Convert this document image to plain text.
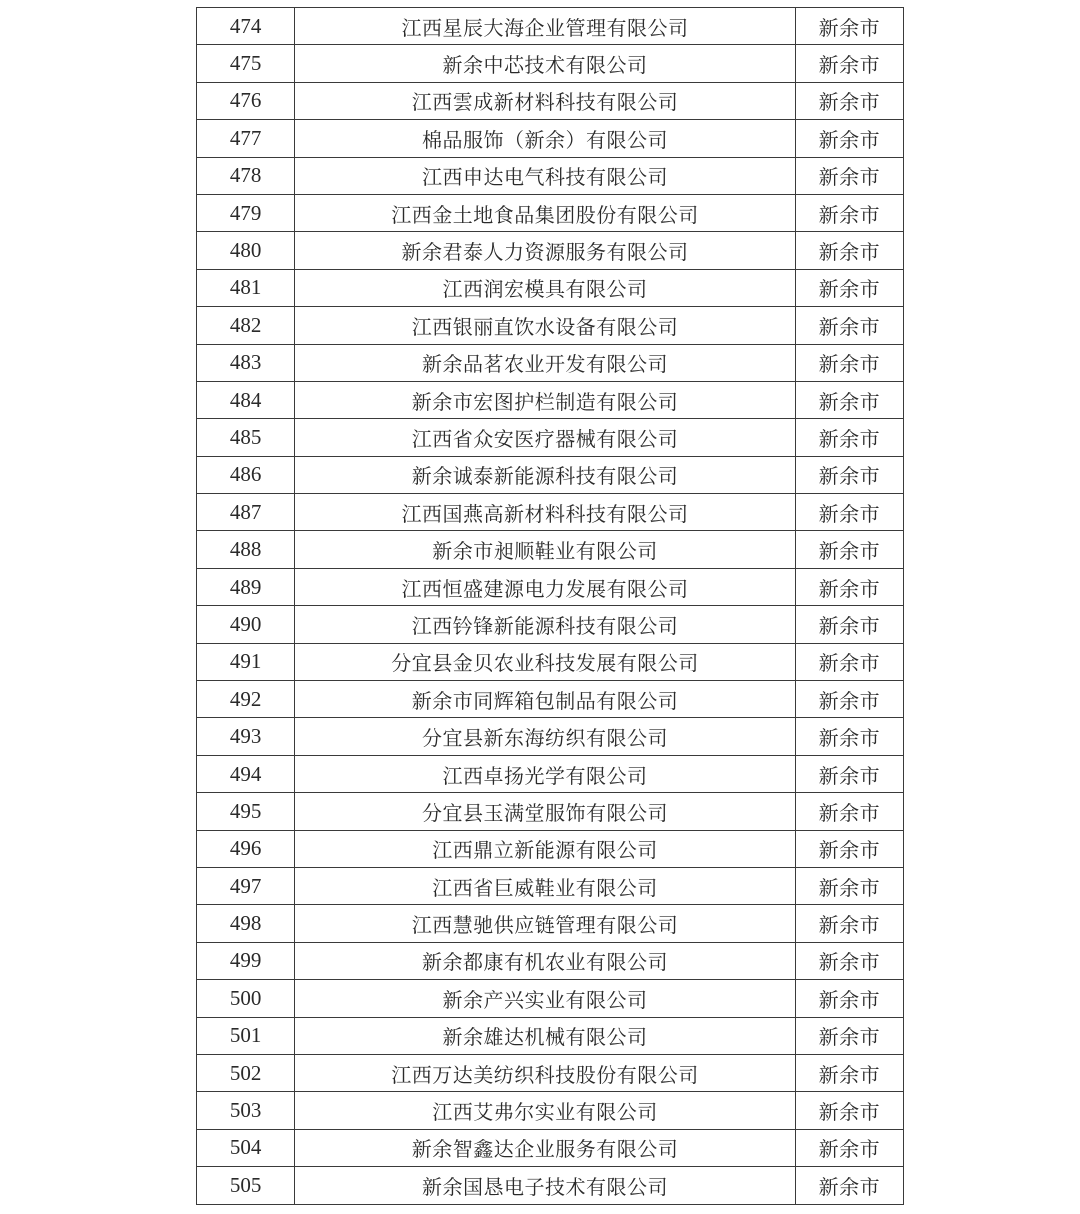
474	江西星辰大海企业管理有限公司	新余市
475	新余中芯技术有限公司	新余市
476	江西雲成新材料科技有限公司	新余市
477	棉品服饰（新余）有限公司	新余市
478	江西申达电气科技有限公司	新余市
479	江西金土地食品集团股份有限公司	新余市
480	新余君泰人力资源服务有限公司	新余市
481	江西润宏模具有限公司	新余市
482	江西银丽直饮水设备有限公司	新余市
483	新余品茗农业开发有限公司	新余市
484	新余市宏图护栏制造有限公司	新余市
485	江西省众安医疗器械有限公司	新余市
486	新余诚泰新能源科技有限公司	新余市
487	江西国燕高新材料科技有限公司	新余市
488	新余市昶顺鞋业有限公司	新余市
489	江西恒盛建源电力发展有限公司	新余市
490	江西钤锋新能源科技有限公司	新余市
491	分宜县金贝农业科技发展有限公司	新余市
492	新余市同辉箱包制品有限公司	新余市
493	分宜县新东海纺织有限公司	新余市
494	江西卓扬光学有限公司	新余市
495	分宜县玉满堂服饰有限公司	新余市
496	江西鼎立新能源有限公司	新余市
497	江西省巨威鞋业有限公司	新余市
498	江西慧驰供应链管理有限公司	新余市
499	新余都康有机农业有限公司	新余市
500	新余产兴实业有限公司	新余市
501	新余雄达机械有限公司	新余市
502	江西万达美纺织科技股份有限公司	新余市
503	江西艾弗尔实业有限公司	新余市
504	新余智鑫达企业服务有限公司	新余市
505	新余国恳电子技术有限公司	新余市
